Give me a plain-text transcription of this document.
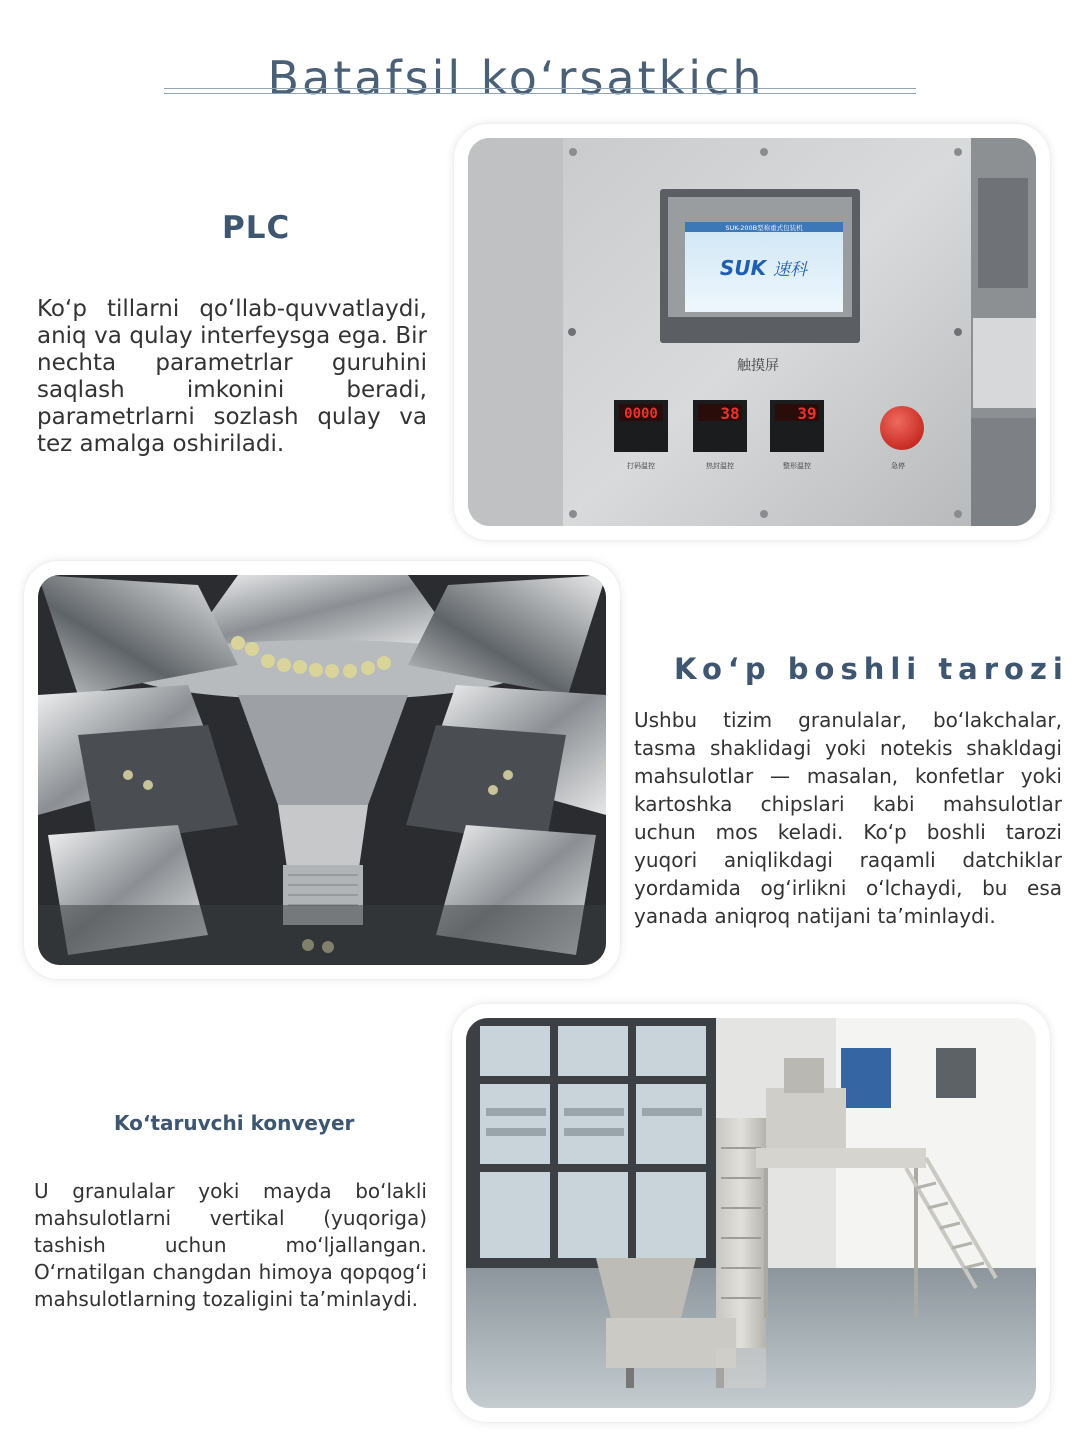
Batafsil ko‘rsatkich
PLC
Ko‘p tillarni qo‘llab-quvvatlaydi, aniq va qulay interfeysga ega. Bir nechta parametrlar guruhini saqlash imkonini beradi, parametrlarni sozlash qulay va tez amalga oshiriladi.
SUK-200B型称重式包装机
SUK 速科
触摸屏
0000
打码温控
38
热封温控
39
整形温控	急停
Ko‘p boshli tarozi
Ushbu tizim granulalar, bo‘lakchalar, tasma shaklidagi yoki notekis shakldagi mahsulotlar — masalan, konfetlar yoki kartoshka chipslari kabi mahsulotlar uchun mos keladi. Ko‘p boshli tarozi yuqori aniqlikdagi raqamli datchiklar yordamida og‘irlikni o‘lchaydi, bu esa yanada aniqroq natijani ta’minlaydi.
Ko‘taruvchi konveyer
U granulalar yoki mayda bo‘lakli mahsulotlarni vertikal (yuqoriga) tashish uchun mo‘ljallangan. O‘rnatilgan changdan himoya qopqog‘i mahsulotlarning tozaligini ta’minlaydi.
